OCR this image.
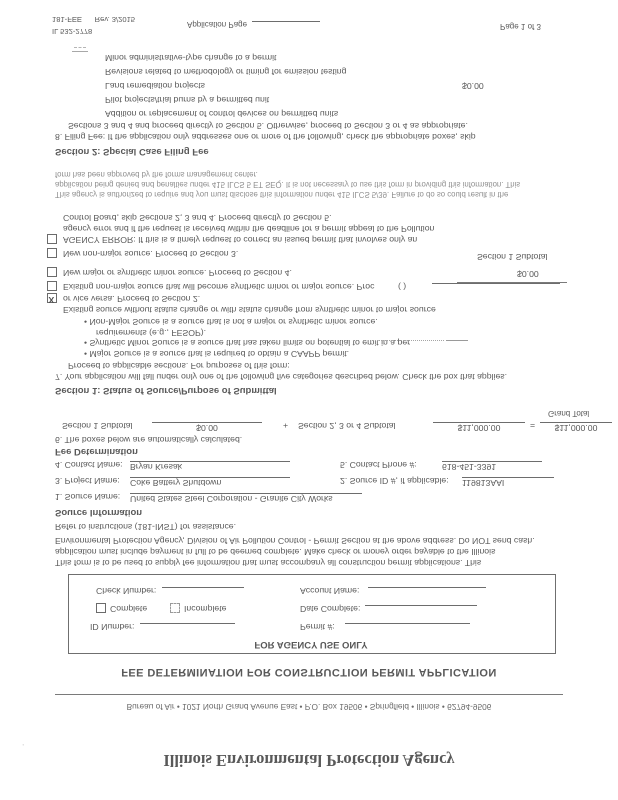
Illinois Environmental Protection Agency
Bureau of Air • 1021 North Grand Avenue East • P.O. Box 19506 • Springfield • Illinois • 62794-9506
FEE DETERMINATION FOR CONSTRUCTION PERMIT APPLICATION
FOR AGENCY USE ONLY
ID Number:	Permit #:
Complete	Incomplete	Date Complete:
Check Number:	Account Name:
This form is to be used to supply fee information that must accompany all construction permit applications. This
application must include payment in full to be deemed complete. Make check or money order payable to the Illinois
Environmental Protection Agency, Division of Air Pollution Control - Permit Section at the above address. Do NOT send cash.
Refer to instructions (181-INST) for assistance.
Source Information
1. Source Name: United States Steel Corporation - Granite City Works
3. Project Name: Coke Battery Shutdown	2. Source ID #, if applicable: 119813AAI
4. Contact Name: Bryan Kresak	5. Contact Phone #:	618-451-3391
Fee Determination
6. The boxes below are automatically calculated.
Section 1 Subtotal	$0.00	+ Section 2, 3 or 4 Subtotal	$11,000.00	=	$11,000.00
Grand Total
Section 1: Status of Source/Purpose of Submittal
7. Your application will fall under only one of the following five categories described below. Check the box that applies.
Proceed to applicable sections. For purposes of this form:
• Major Source is a source that is required to obtain a CAAPP permit.
• Synthetic Minor Source is a source that has taken limits on potential to emit in a per
requirements (e.g., FESOP).
• Non-Major Source is a source that is not a major or synthetic minor source.
Existing source without status change or with status change from synthetic minor to major source
X or vice versa. Proceed to Section 2.
Existing non-major source that will become synthetic minor or major source. Proc	( )
New major or synthetic minor source. Proceed to Section 4.
New non-major source. Proceed to Section 3.
AGENCY ERROR: If this is a timely request to correct an issued permit that involves only an
agency error and if the request is received within the deadline for a permit appeal to the Pollution
Control Board, skip Sections 2, 3 and 4. Proceed directly to Section 5.
$0.00
Section 1 Subtotal
This agency is authorized to require and you must disclose this information under 415 ILCS 5/39. Failure to do so could result in the
application being denied and penalties under 415 ILCS 5 ET SEQ. It is not necessary to use this form in providing this information. This
form has been approved by the forms management center.
Section 2: Special Case Filing Fee
8. Filing Fee: If the application only addresses one or more of the following, check the appropriate boxes, skip
Sections 3 and 4 and proceed directly to Section 5. Otherwise, proceed to Section 3 or 4 as appropriate.
Addition or replacement of control devices on permitted units
Pilot projects/trial burns by a permitted unit
Land remediation projects	$0.00
Revisions related to methodology or timing for emission testing
Minor administrative-type change to a permit
·
IL 532-2778
181-FEE      Rev. 3/2015
Application Page	Page 1 of 3
